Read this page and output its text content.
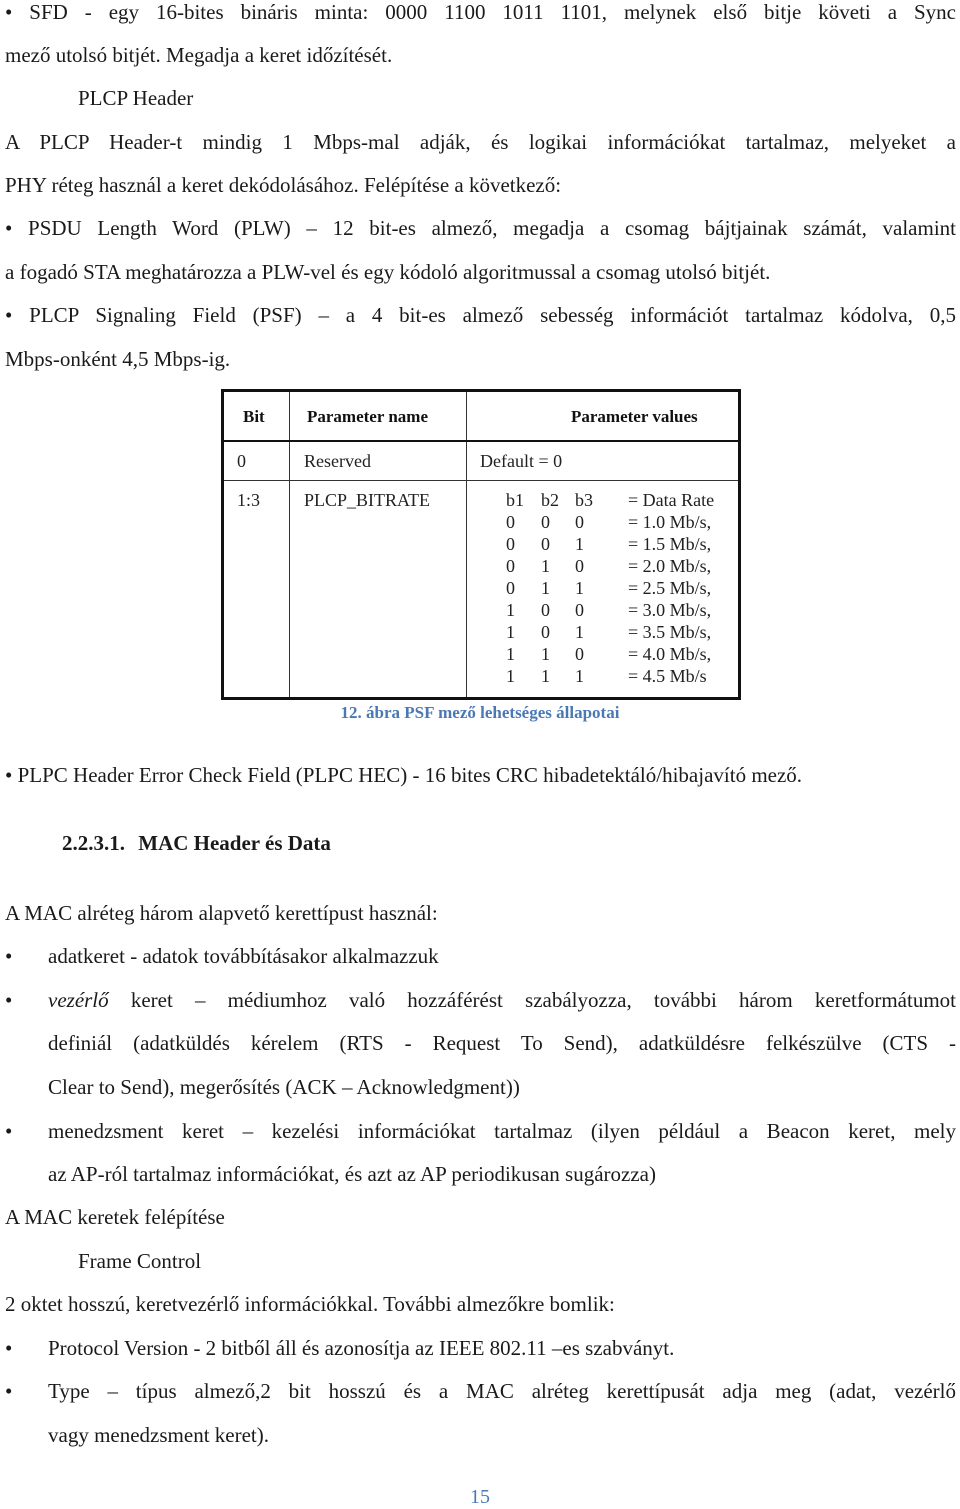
• SFD - egy 16-bites bináris minta: 0000 1100 1011 1101, melynek első bitje követi a Sync
mező utolsó bitjét. Megadja a keret időzítését.
PLCP Header
A PLCP Header-t mindig 1 Mbps-mal adják, és logikai információkat tartalmaz, melyeket a
PHY réteg használ a keret dekódolásához. Felépítése a következő:
• PSDU Length Word (PLW) – 12 bit-es almező, megadja a csomag bájtjainak számát, valamint
a fogadó STA meghatározza a PLW-vel és egy kódoló algoritmussal a csomag utolsó bitjét.
• PLCP Signaling Field (PSF) – a 4 bit-es almező sebesség információt tartalmaz kódolva, 0,5
Mbps-onként 4,5 Mbps-ig.
Bit Parameter name	Parameter values
0	Reserved	Default = 0
1:3 PLCP_BITRATE	b1 b2 b3 = Data Rate
0 0 0 = 1.0 Mb/s,
0 0 1 = 1.5 Mb/s,
0 1 0 = 2.0 Mb/s,
0 1 1 = 2.5 Mb/s,
1 0 0 = 3.0 Mb/s,
1 0 1 = 3.5 Mb/s,
1 1 0 = 4.0 Mb/s,
1 1 1 = 4.5 Mb/s
12. ábra PSF mező lehetséges állapotai
• PLPC Header Error Check Field (PLPC HEC) - 16 bites CRC hibadetektáló/hibajavító mező.
2.2.3.1. MAC Header és Data
A MAC alréteg három alapvető kerettípust használ:
• adatkeret - adatok továbbításakor alkalmazzuk
• vezérlő keret – médiumhoz való hozzáférést szabályozza, további három keretformátumot
definiál (adatküldés kérelem (RTS - Request To Send), adatküldésre felkészülve (CTS -
Clear to Send), megerősítés (ACK – Acknowledgment))
• menedzsment keret – kezelési információkat tartalmaz (ilyen például a Beacon keret, mely
az AP-ról tartalmaz információkat, és azt az AP periodikusan sugározza)
A MAC keretek felépítése
Frame Control
2 oktet hosszú, keretvezérlő információkkal. További almezőkre bomlik:
• Protocol Version - 2 bitből áll és azonosítja az IEEE 802.11 –es szabványt.
• Type – típus almező,2 bit hosszú és a MAC alréteg kerettípusát adja meg (adat, vezérlő
vagy menedzsment keret).
15
